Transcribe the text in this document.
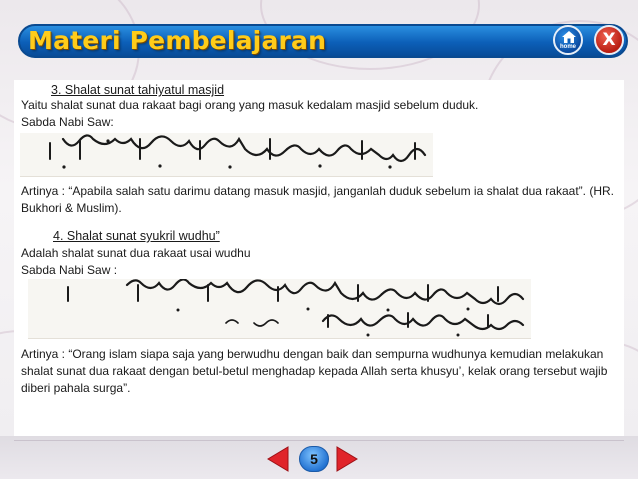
Materi Pembelajaran	home	X
3. Shalat sunat tahiyatul masjid
Yaitu shalat sunat dua rakaat bagi orang yang masuk kedalam masjid sebelum duduk.
Sabda Nabi Saw:
Artinya : “Apabila salah satu darimu datang masuk masjid, janganlah duduk sebelum ia shalat dua rakaat”. (HR. Bukhori & Muslim).
4. Shalat sunat syukril wudhu”
Adalah shalat sunat dua rakaat usai wudhu
Sabda Nabi Saw :
Artinya : “Orang islam siapa saja yang berwudhu dengan baik dan sempurna wudhunya kemudian melakukan shalat sunat dua rakaat dengan betul-betul menghadap kepada Allah serta khusyu’, kelak orang tersebut wajib diberi pahala surga”.
5
